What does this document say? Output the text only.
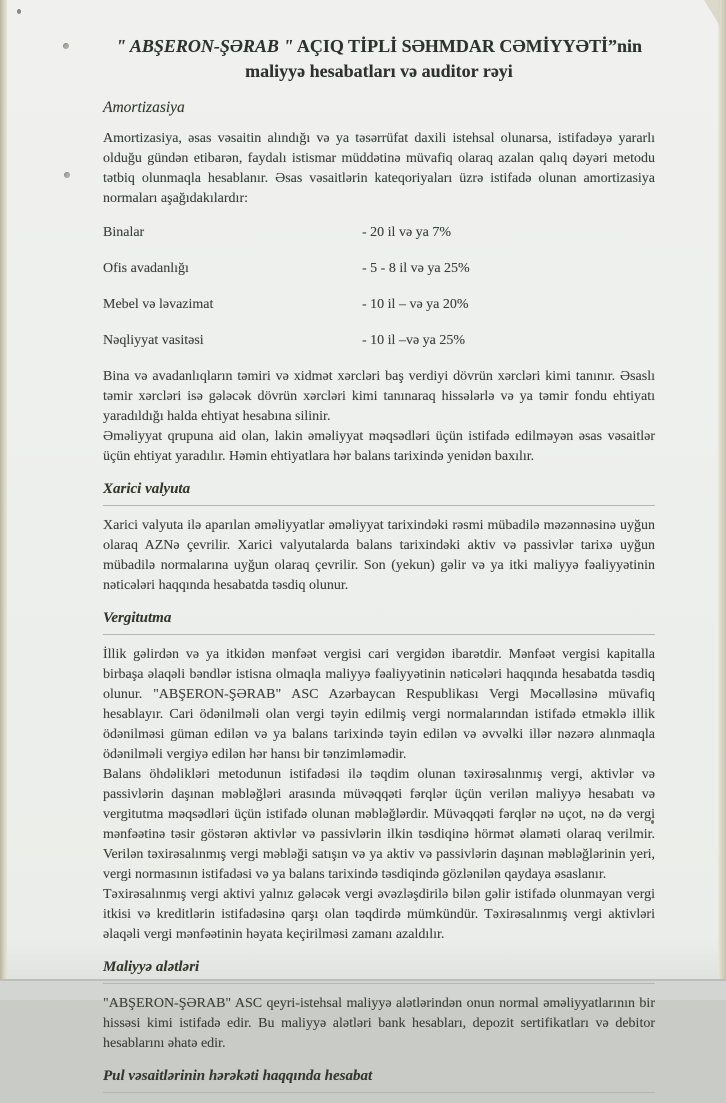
" ABŞERON-ŞƏRAB " AÇIQ TİPLİ SƏHMDAR CƏMİYYƏTİ”nin maliyyə hesabatları və auditor rəyi
Amortizasiya

Amortizasiya, əsas vəsaitin alındığı və ya təsərrüfat daxili istehsal olunarsa, istifadəyə yararlı olduğu gündən etibarən, faydalı istismar müddətinə müvafiq olaraq azalan qalıq dəyəri metodu tətbiq olunmaqla hesablanır. Əsas vəsaitlərin kateqoriyaları üzrə istifadə olunan amortizasiya normaları aşağıdakılardır:

Binalar	- 20 il və ya 7%
Ofis avadanlığı	- 5 - 8 il və ya 25%
Mebel və ləvazimat	- 10 il – və ya 20%
Nəqliyyat vasitəsi	- 10 il –və ya 25%

Bina və avadanlıqların təmiri və xidmət xərcləri baş verdiyi dövrün xərcləri kimi tanınır. Əsaslı təmir xərcləri isə gələcək dövrün xərcləri kimi tanınaraq hissələrlə və ya təmir fondu ehtiyatı yaradıldığı halda ehtiyat hesabına silinir.

Əməliyyat qrupuna aid olan, lakin əməliyyat məqsədləri üçün istifadə edilməyən əsas vəsaitlər üçün ehtiyat yaradılır. Həmin ehtiyatlara hər balans tarixində yenidən baxılır.

Xarici valyuta

Xarici valyuta ilə aparılan əməliyyatlar əməliyyat tarixindəki rəsmi mübadilə məzənnəsinə uyğun olaraq AZNə çevrilir. Xarici valyutalarda balans tarixindəki aktiv və passivlər tarixə uyğun mübadilə normalarına uyğun olaraq çevrilir. Son (yekun) gəlir və ya itki maliyyə fəaliyyətinin nəticələri haqqında hesabatda təsdiq olunur.

Vergitutma

İllik gəlirdən və ya itkidən mənfəət vergisi cari vergidən ibarətdir. Mənfəət vergisi kapitalla birbaşa əlaqəli bəndlər istisna olmaqla maliyyə fəaliyyətinin nəticələri haqqında hesabatda təsdiq olunur. "ABŞERON-ŞƏRAB" ASC Azərbaycan Respublikası Vergi Məcəlləsinə müvafiq hesablayır. Cari ödənilməli olan vergi təyin edilmiş vergi normalarından istifadə etməklə illik ödənilməsi güman edilən və ya balans tarixində təyin edilən və əvvəlki illər nəzərə alınmaqla ödənilməli vergiyə edilən hər hansı bir tənzimləmədir.

Balans öhdəlikləri metodunun istifadəsi ilə təqdim olunan təxirəsalınmış vergi, aktivlər və passivlərin daşınan məbləğləri arasında müvəqqəti fərqlər üçün verilən maliyyə hesabatı və vergitutma məqsədləri üçün istifadə olunan məbləğlərdir. Müvəqqəti fərqlər nə uçot, nə də vergi mənfəətinə təsir göstərən aktivlər və passivlərin ilkin təsdiqinə hörmət əlaməti olaraq verilmir. Verilən təxirəsalınmış vergi məbləği satışın və ya aktiv və passivlərin daşınan məbləğlərinin yeri, vergi normasının istifadəsi və ya balans tarixində təsdiqində gözlənilən qaydaya əsaslanır.

Təxirəsalınmış vergi aktivi yalnız gələcək vergi əvəzləşdirilə bilən gəlir istifadə olunmayan vergi itkisi və kreditlərin istifadəsinə qarşı olan təqdirdə mümkündür. Təxirəsalınmış vergi aktivləri əlaqəli vergi mənfəətinin həyata keçirilməsi zamanı azaldılır.

Maliyyə alətləri

"ABŞERON-ŞƏRAB" ASC qeyri-istehsal maliyyə alətlərindən onun normal əməliyyatlarının bir hissəsi kimi istifadə edir. Bu maliyyə alətləri bank hesabları, depozit sertifikatları və debitor hesablarını əhatə edir.

Pul vəsaitlərinin hərəkəti haqqında hesabat
